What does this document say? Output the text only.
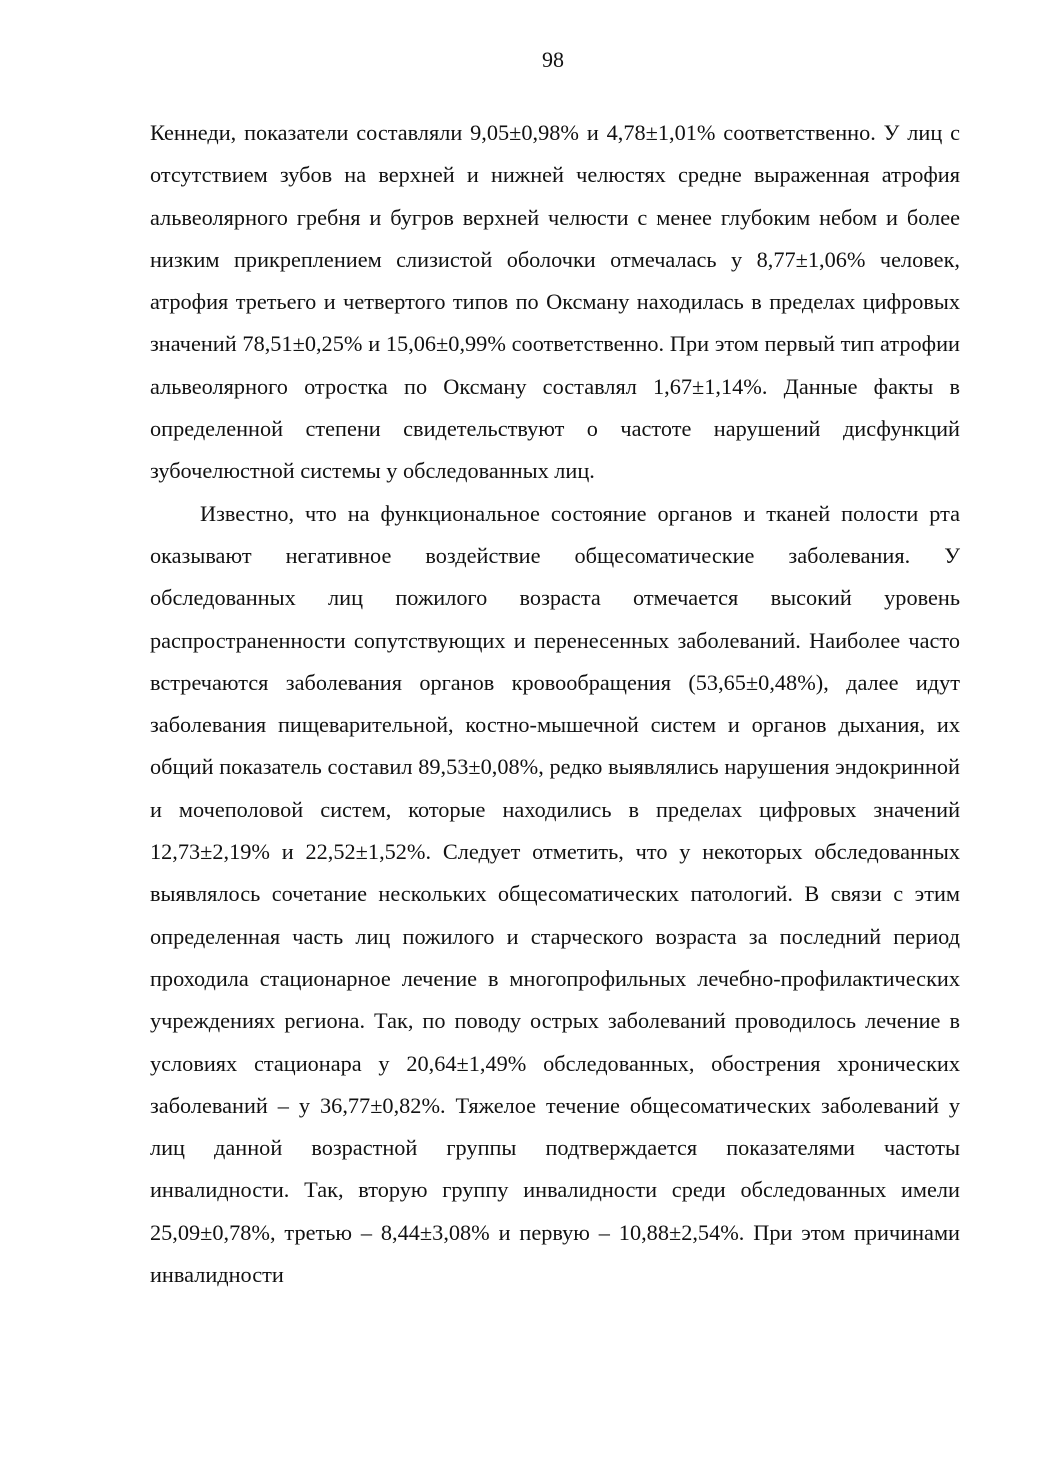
98

Кеннеди, показатели составляли 9,05±0,98% и 4,78±1,01% соответственно. У лиц с отсутствием зубов на верхней и нижней челюстях средне выраженная атрофия альвеолярного гребня и бугров верхней челюсти с менее глубоким небом и более низким прикреплением слизистой оболочки отмечалась у 8,77±1,06% человек, атрофия третьего и четвертого типов по Оксману находилась в пределах цифровых значений 78,51±0,25% и 15,06±0,99% соответственно. При этом первый тип атрофии альвеолярного отростка по Оксману составлял 1,67±1,14%. Данные факты в определенной степени свидетельствуют о частоте нарушений дисфункций зубочелюстной системы у обследованных лиц.

Известно, что на функциональное состояние органов и тканей полости рта оказывают негативное воздействие общесоматические заболевания. У обследованных лиц пожилого возраста отмечается высокий уровень распространенности сопутствующих и перенесенных заболеваний. Наиболее часто встречаются заболевания органов кровообращения (53,65±0,48%), далее идут заболевания пищеварительной, костно-мышечной систем и органов дыхания, их общий показатель составил 89,53±0,08%, редко выявлялись нарушения эндокринной и мочеполовой систем, которые находились в пределах цифровых значений 12,73±2,19% и 22,52±1,52%. Следует отметить, что у некоторых обследованных выявлялось сочетание нескольких общесоматических патологий. В связи с этим определенная часть лиц пожилого и старческого возраста за последний период проходила стационарное лечение в многопрофильных лечебно-профилактических учреждениях региона. Так, по поводу острых заболеваний проводилось лечение в условиях стационара у 20,64±1,49% обследованных, обострения хронических заболеваний – у 36,77±0,82%. Тяжелое течение общесоматических заболеваний у лиц данной возрастной группы подтверждается показателями частоты инвалидности. Так, вторую группу инвалидности среди обследованных имели 25,09±0,78%, третью – 8,44±3,08% и первую – 10,88±2,54%. При этом причинами инвалидности
